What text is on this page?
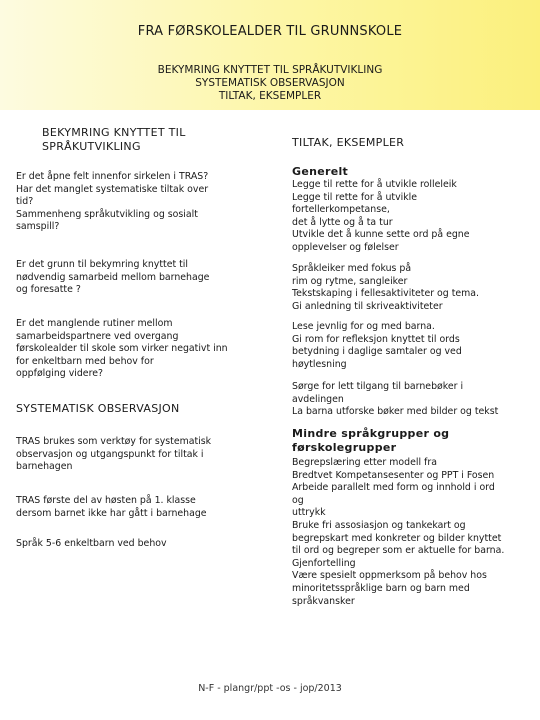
FRA FØRSKOLEALDER TIL GRUNNSKOLE
BEKYMRING KNYTTET TIL SPRÅKUTVIKLING
SYSTEMATISK OBSERVASJON
TILTAK, EKSEMPLER

BEKYMRING KNYTTET TIL

SPRÅKUTVIKLING

Er det åpne felt innenfor sirkelen i TRAS?

Har det manglet systematiske tiltak over

tid?

Sammenheng språkutvikling og sosialt

samspill?

Er det grunn til bekymring knyttet til

nødvendig samarbeid mellom barnehage

og foresatte ?

Er det manglende rutiner mellom

samarbeidspartnere ved overgang

førskolealder til skole som virker negativt inn

for enkeltbarn med behov for

oppfølging videre?

SYSTEMATISK OBSERVASJON

TRAS brukes som verktøy for systematisk

observasjon og utgangspunkt for tiltak i

barnehagen

TRAS første del av høsten på 1. klasse

dersom barnet ikke har gått i barnehage

Språk 5-6 enkeltbarn ved behov

TILTAK, EKSEMPLER
Generelt

Legge til rette for å utvikle rolleleik

Legge til rette for å utvikle

fortellerkompetanse,

det å lytte og å ta tur

Utvikle det å kunne sette ord på egne

opplevelser og følelser

Språkleiker med fokus på

rim og rytme, sangleiker

Tekstskaping i fellesaktiviteter og tema.

Gi anledning til skriveaktiviteter

Lese jevnlig for og med barna.

Gi rom for refleksjon knyttet til ords

betydning i daglige samtaler og ved

høytlesning

Sørge for lett tilgang til barnebøker i

avdelingen

La barna utforske bøker med bilder og tekst

Mindre språkgrupper og

førskolegrupper

Begrepslæring etter modell fra

Bredtvet Kompetansesenter og PPT i Fosen

Arbeide parallelt med form og innhold i ord og

uttrykk

Bruke fri assosiasjon og tankekart og

begrepskart med konkreter og bilder knyttet

til ord og begreper som er aktuelle for barna.

Gjenfortelling

Være spesielt oppmerksom på behov hos

minoritetsspråklige barn og barn med

språkvansker

N-F - plangr/ppt -os - jop/2013
